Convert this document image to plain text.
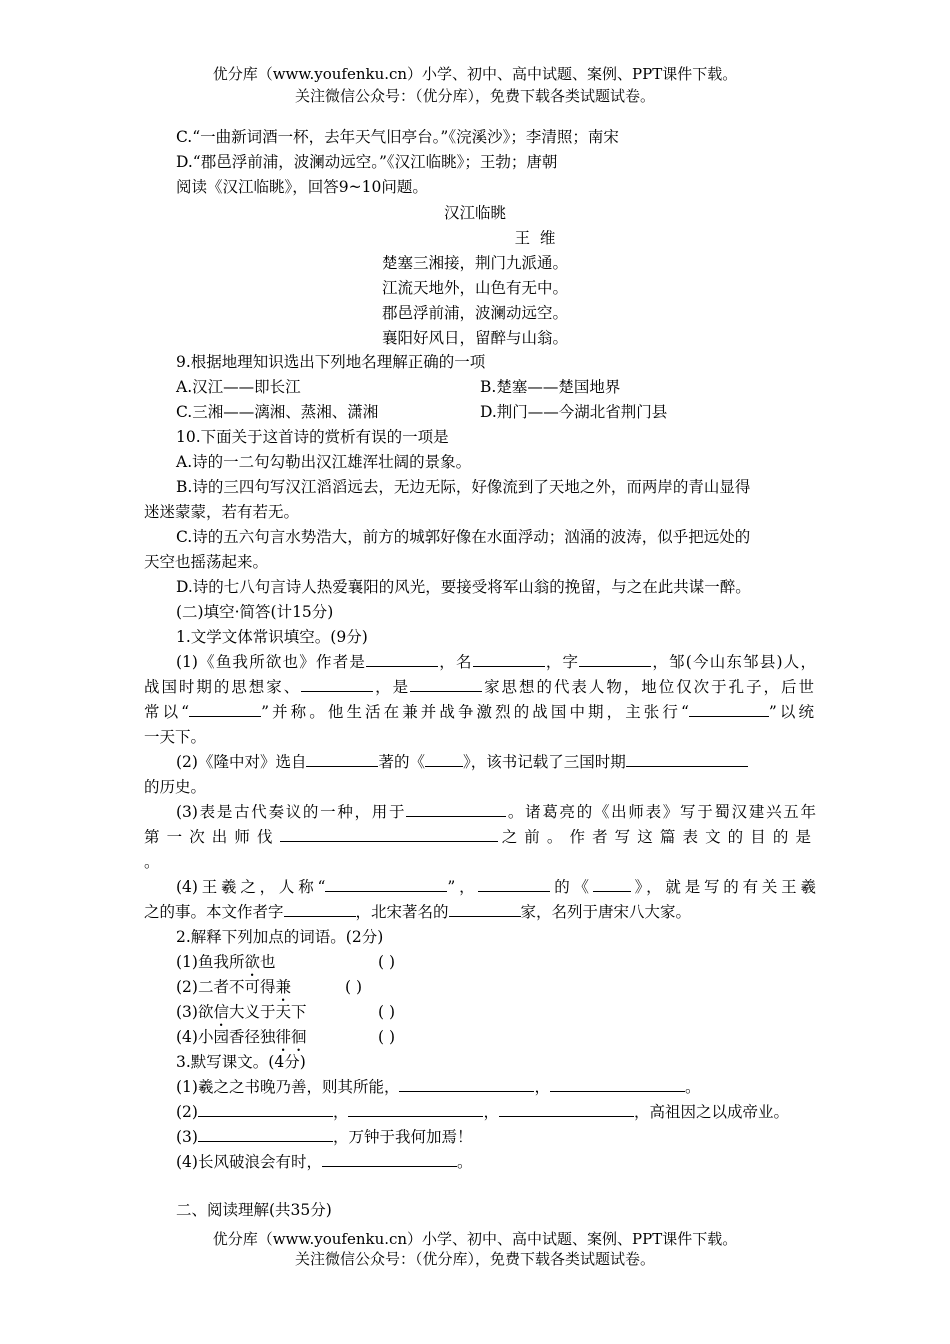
优分库（www.youfenku.cn）小学、初中、高中试题、案例、PPT课件下载。
关注微信公众号：（优分库），免费下载各类试题试卷。
C.“一曲新词酒一杯，去年天气旧亭台。”《浣溪沙》；李清照；南宋
D.“郡邑浮前浦，波澜动远空。”《汉江临眺》；王勃；唐朝
阅读《汉江临眺》，回答9~10问题。
汉江临眺
王  维
楚塞三湘接，荆门九派通。
江流天地外，山色有无中。
郡邑浮前浦，波澜动远空。
襄阳好风日，留醉与山翁。
9.根据地理知识选出下列地名理解正确的一项
A.汉江——即长江	B.楚塞——楚国地界
C.三湘——漓湘、蒸湘、潇湘	D.荆门——今湖北省荆门县
10.下面关于这首诗的赏析有误的一项是
A.诗的一二句勾勒出汉江雄浑壮阔的景象。
B.诗的三四句写汉江滔滔远去，无边无际，好像流到了天地之外，而两岸的青山显得
迷迷蒙蒙，若有若无。
C.诗的五六句言水势浩大，前方的城郭好像在水面浮动；汹涌的波涛，似乎把远处的
天空也摇荡起来。
D.诗的七八句言诗人热爱襄阳的风光，要接受将军山翁的挽留，与之在此共谋一醉。
(二)填空·简答(计15分)
1.文学文体常识填空。(9分)
(1)《鱼我所欲也》作者是	，名	，字	，邹(今山东邹县)人，
战国时期的思想家、	，是	家思想的代表人物，地位仅次于孔子，后世
常以“	”并称。他生活在兼并战争激烈的战国中期，主张行“	”以统
一天下。
(2)《隆中对》选自	著的《 》，该书记载了三国时期
的历史。
(3)表是古代奏议的一种，用于	。诸葛亮的《出师表》写于蜀汉建兴五年
第一次出师伐	之前。作者写这篇表文的目的是
。
(4)王羲之，人称“	”，	的《 》，就是写的有关王羲
之的事。本文作者字	，北宋著名的	家，名列于唐宋八大家。
2.解释下列加点的词语。(2分)
(1)鱼我所欲也	( )
(2)二者不可得兼	( )
(3)欲信大义于天下	( )
(4)小园香径独徘徊	( )
3.默写课文。(4分)
(1)羲之之书晚乃善，则其所能，	，	。
(2)	，	，	，高祖因之以成帝业。
(3)	，万钟于我何加焉！
(4)长风破浪会有时，	。
二、阅读理解(共35分)
优分库（www.youfenku.cn）小学、初中、高中试题、案例、PPT课件下载。
关注微信公众号：（优分库），免费下载各类试题试卷。
